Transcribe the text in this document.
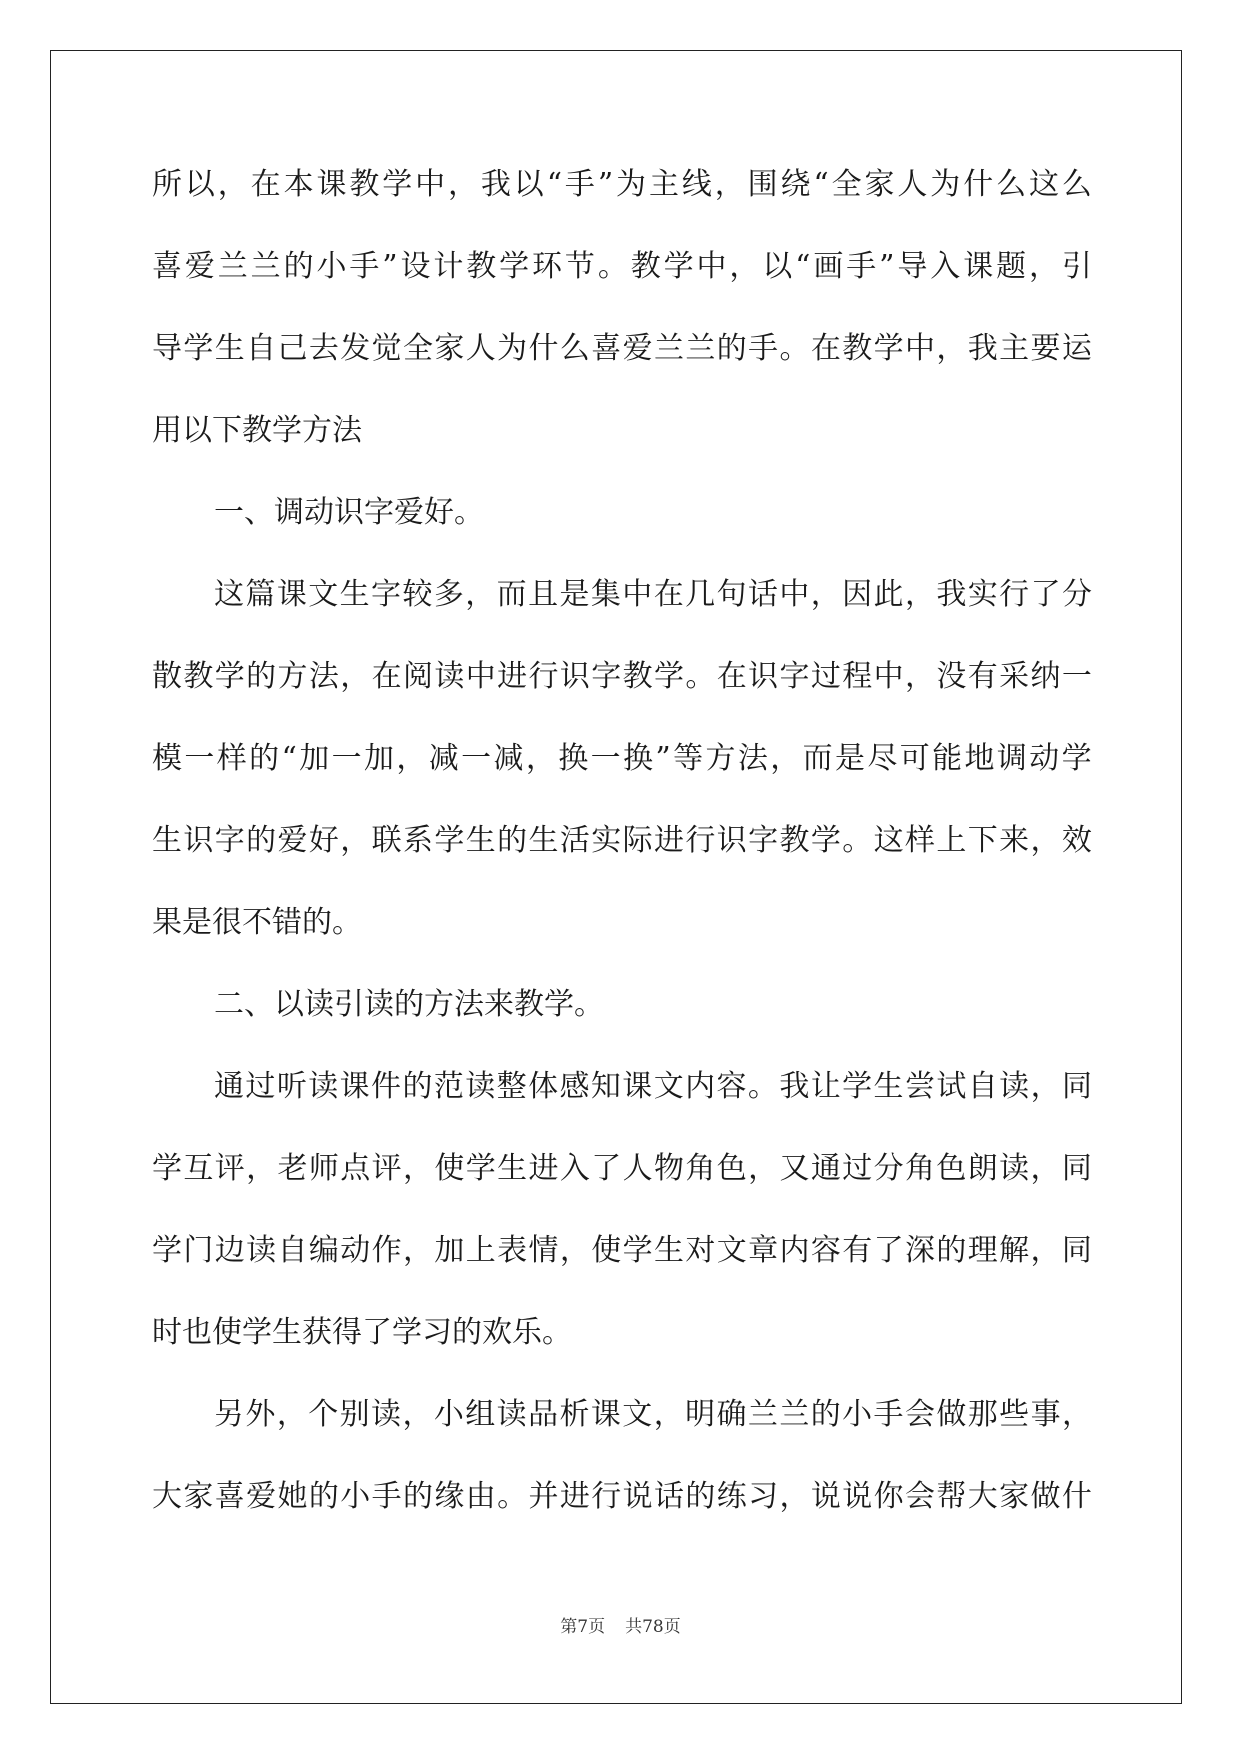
所 以 ， 在 本 课 教 学 中 ， 我 以 “ 手 ” 为 主 线 ， 围 绕 “ 全 家 人 为 什 么 这 么
喜 爱 兰 兰 的 小 手 ” 设 计 教 学 环 节 。 教 学 中 ， 以 “ 画 手 ” 导 入 课 题 ， 引
导 学 生 自 己 去 发 觉 全 家 人 为 什 么 喜 爱 兰 兰 的 手 。 在 教 学 中 ， 我 主 要 运
用以下教学方法
一、调动识字爱好。
这 篇 课 文 生 字 较 多 ， 而 且 是 集 中 在 几 句 话 中 ， 因 此 ， 我 实 行 了 分
散 教 学 的 方 法 ， 在 阅 读 中 进 行 识 字 教 学 。 在 识 字 过 程 中 ， 没 有 采 纳 一
模 一 样 的 “ 加 一 加 ， 减 一 减 ， 换 一 换 ” 等 方 法 ， 而 是 尽 可 能 地 调 动 学
生 识 字 的 爱 好 ， 联 系 学 生 的 生 活 实 际 进 行 识 字 教 学 。 这 样 上 下 来 ， 效
果是很不错的。
二、以读引读的方法来教学。
通 过 听 读 课 件 的 范 读 整 体 感 知 课 文 内 容 。 我 让 学 生 尝 试 自 读 ， 同
学 互 评 ， 老 师 点 评 ， 使 学 生 进 入 了 人 物 角 色 ， 又 通 过 分 角 色 朗 读 ， 同
学 门 边 读 自 编 动 作 ， 加 上 表 情 ， 使 学 生 对 文 章 内 容 有 了 深 的 理 解 ， 同
时也使学生获得了学习的欢乐。
另 外 ， 个 别 读 ， 小 组 读 品 析 课 文 ， 明 确 兰 兰 的 小 手 会 做 那 些 事 ，
大 家 喜 爱 她 的 小 手 的 缘 由 。 并 进 行 说 话 的 练 习 ， 说 说 你 会 帮 大 家 做 什
第7页 共78页
